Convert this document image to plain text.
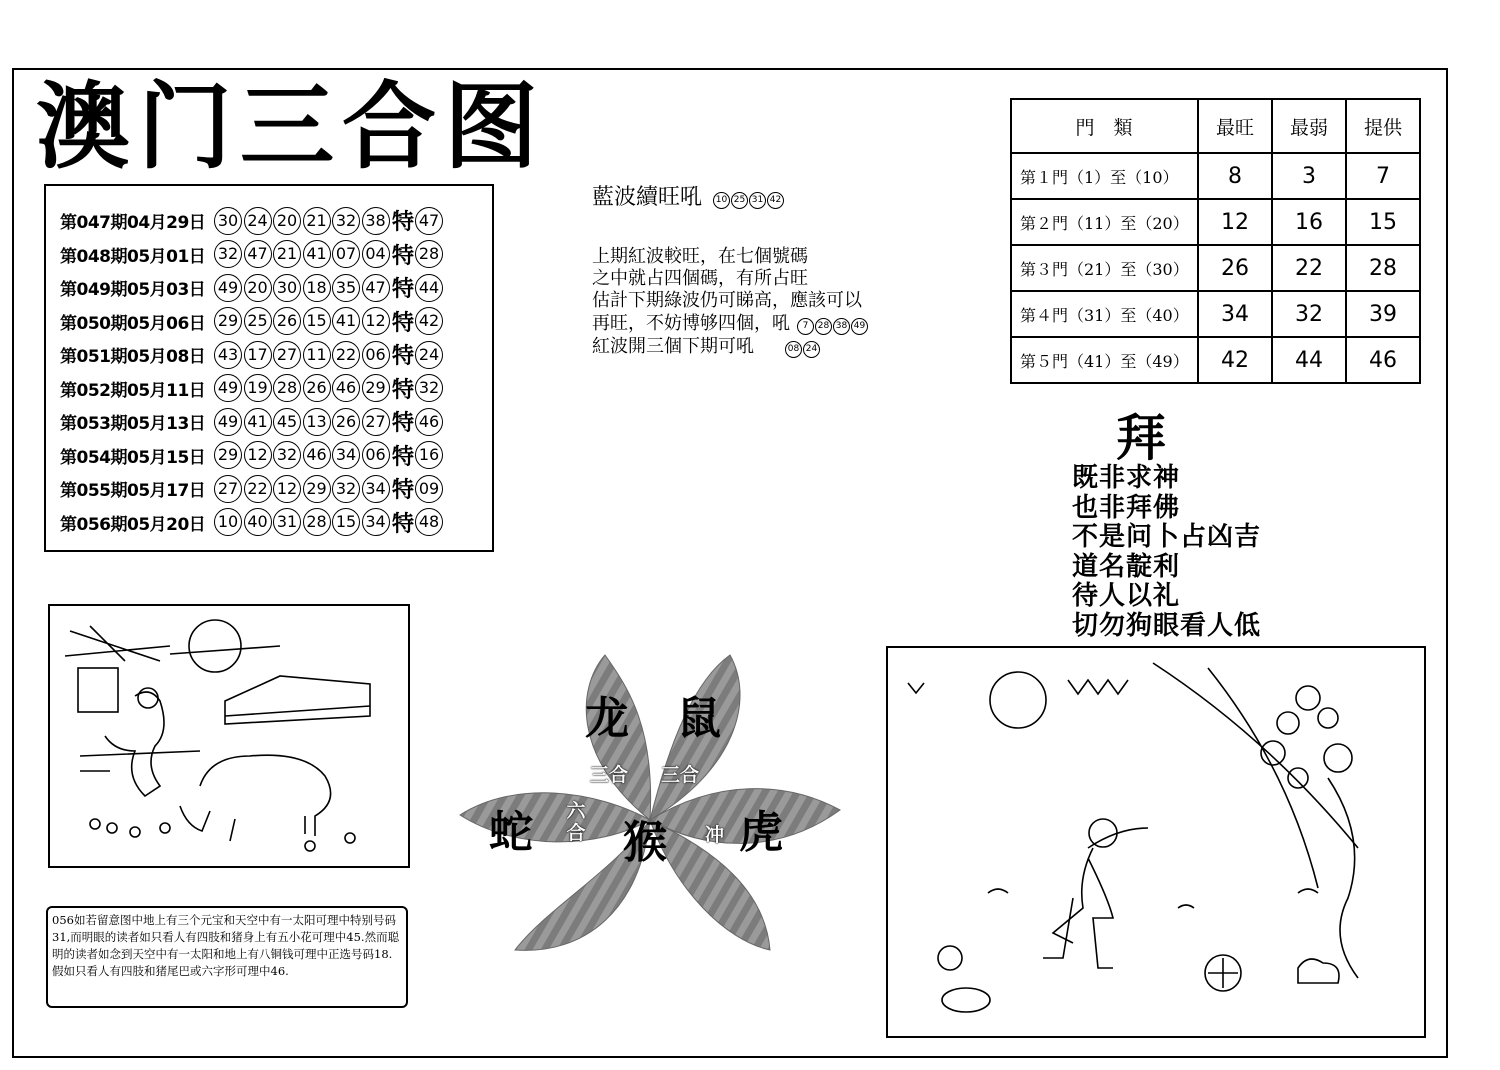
澳门三合图
第047期04月29日 30 24 20 21 32 38 特 47
第048期05月01日 32 47 21 41 07 04 特 28
第049期05月03日 49 20 30 18 35 47 特 44
第050期05月06日 29 25 26 15 41 12 特 42
第051期05月08日 43 17 27 11 22 06 特 24
第052期05月11日 49 19 28 26 46 29 特 32
第053期05月13日 49 41 45 13 26 27 特 46
第054期05月15日 29 12 32 46 34 06 特 16
第055期05月17日 27 22 12 29 32 34 特 09
第056期05月20日 10 40 31 28 15 34 特 48
藍波續旺吼	10 25 31 42
上期紅波較旺，在七個號碼
之中就占四個碼，有所占旺
估計下期綠波仍可睇高，應該可以
再旺，不妨博够四個，吼	7 28 38 49
紅波開三個下期可吼	08 24
門　類	最旺	最弱	提供
第１門（1）至（10）	8	3	7
第２門（11）至（20）	12	16	15
第３門（21）至（30）	26	22	28
第４門（31）至（40）	34	32	39
第５門（41）至（49）	42	44	46
拜
既非求神
也非拜佛
不是问卜占凶吉
道名靛利
待人以礼
切勿狗眼看人低
056如若留意图中地上有三个元宝和天空中有一太阳可理中特别号码31,而明眼的读者如只看人有四肢和猪身上有五小花可理中45.然而聪明的读者如念到天空中有一太阳和地上有八铜钱可理中正选号码18.假如只看人有四肢和猪尾巴或六字形可理中46.
龙 鼠
蛇 猴 虎
三合 三合
六合	冲
